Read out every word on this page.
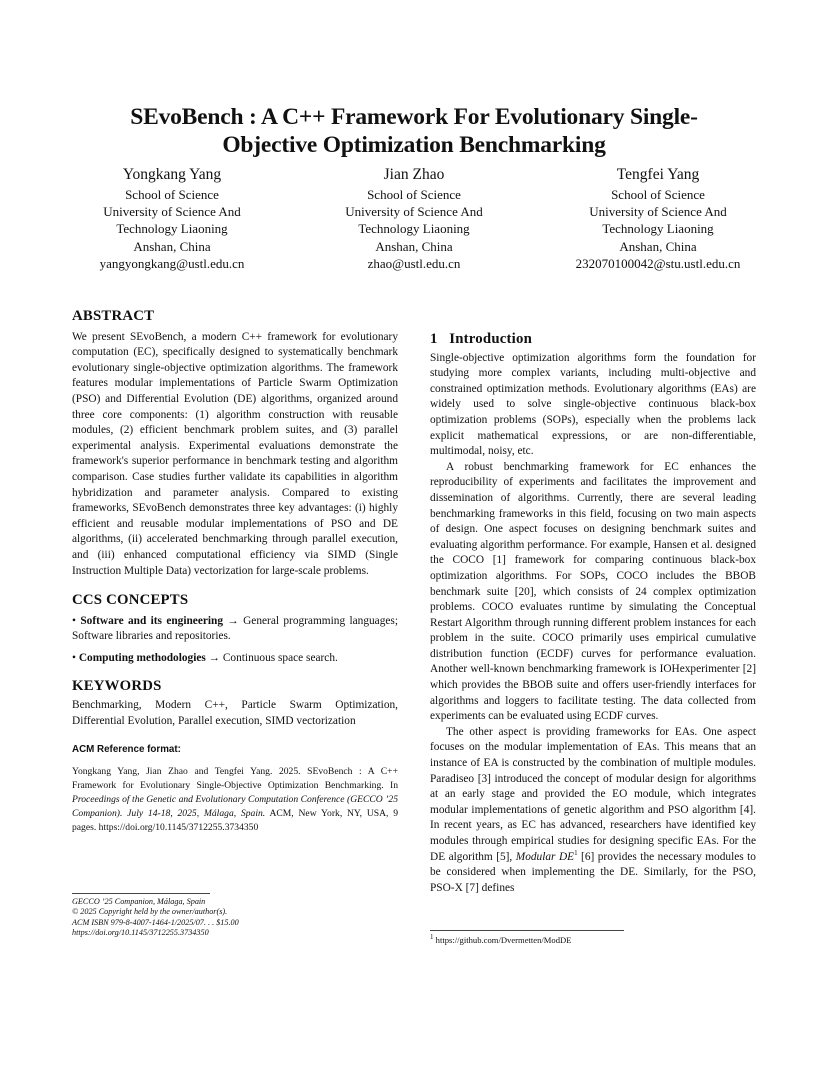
SEvoBench : A C++ Framework For Evolutionary Single-
Objective Optimization Benchmarking
Yongkang Yang
School of Science
University of Science And
Technology Liaoning
Anshan, China
yangyongkang@ustl.edu.cn
Jian Zhao
School of Science
University of Science And
Technology Liaoning
Anshan, China
zhao@ustl.edu.cn
Tengfei Yang
School of Science
University of Science And
Technology Liaoning
Anshan, China
232070100042@stu.ustl.edu.cn
ABSTRACT

We present SEvoBench, a modern C++ framework for evolutionary computation (EC), specifically designed to systematically benchmark evolutionary single-objective optimization algorithms. The framework features modular implementations of Particle Swarm Optimization (PSO) and Differential Evolution (DE) algorithms, organized around three core components: (1) algorithm construction with reusable modules, (2) efficient benchmark problem suites, and (3) parallel experimental analysis. Experimental evaluations demonstrate the framework's superior performance in benchmark testing and algorithm comparison. Case studies further validate its capabilities in algorithm hybridization and parameter analysis. Compared to existing frameworks, SEvoBench demonstrates three key advantages: (i) highly efficient and reusable modular implementations of PSO and DE algorithms, (ii) accelerated benchmarking through parallel execution, and (iii) enhanced computational efficiency via SIMD (Single Instruction Multiple Data) vectorization for large-scale problems.

CCS CONCEPTS

• Software and its engineering → General programming languages; Software libraries and repositories.

• Computing methodologies → Continuous space search.

KEYWORDS

Benchmarking, Modern C++, Particle Swarm Optimization, Differential Evolution, Parallel execution, SIMD vectorization

ACM Reference format:

Yongkang Yang, Jian Zhao and Tengfei Yang. 2025. SEvoBench : A C++ Framework for Evolutionary Single-Objective Optimization Benchmarking. In Proceedings of the Genetic and Evolutionary Computation Conference (GECCO ’25 Companion). July 14-18, 2025, Málaga, Spain. ACM, New York, NY, USA, 9 pages. https://doi.org/10.1145/3712255.3734350

GECCO ’25 Companion, Málaga, Spain
© 2025 Copyright held by the owner/author(s).
ACM ISBN 979-8-4007-1464-1/2025/07. . . $15.00
https://doi.org/10.1145/3712255.3734350
1   Introduction

Single-objective optimization algorithms form the foundation for studying more complex variants, including multi-objective and constrained optimization methods. Evolutionary algorithms (EAs) are widely used to solve single-objective continuous black-box optimization problems (SOPs), especially when the problems lack explicit mathematical expressions, or are non-differentiable, multimodal, noisy, etc.

A robust benchmarking framework for EC enhances the reproducibility of experiments and facilitates the improvement and dissemination of algorithms. Currently, there are several leading benchmarking frameworks in this field, focusing on two main aspects of design. One aspect focuses on designing benchmark suites and evaluating algorithm performance. For example, Hansen et al. designed the COCO [1] framework for comparing continuous black-box optimization algorithms. For SOPs, COCO includes the BBOB benchmark suite [20], which consists of 24 complex optimization problems. COCO evaluates runtime by simulating the Conceptual Restart Algorithm through running different problem instances for each problem in the suite. COCO primarily uses empirical cumulative distribution function (ECDF) curves for performance evaluation. Another well-known benchmarking framework is IOHexperimenter [2] which provides the BBOB suite and offers user-friendly interfaces for algorithms and loggers to facilitate testing. The data collected from experiments can be evaluated using ECDF curves.

The other aspect is providing frameworks for EAs. One aspect focuses on the modular implementation of EAs. This means that an instance of EA is constructed by the combination of multiple modules. Paradiseo [3] introduced the concept of modular design for algorithms at an early stage and provided the EO module, which integrates modular implementations of genetic algorithm and PSO algorithm [4]. In recent years, as EC has advanced, researchers have identified key modules through empirical studies for designing specific EAs. For the DE algorithm [5], Modular $DE^1$ [6] provides the necessary modules to be considered when implementing the DE. Similarly, for the PSO, PSO-X [7] defines

$^1$ https://github.com/Dvermetten/ModDE
